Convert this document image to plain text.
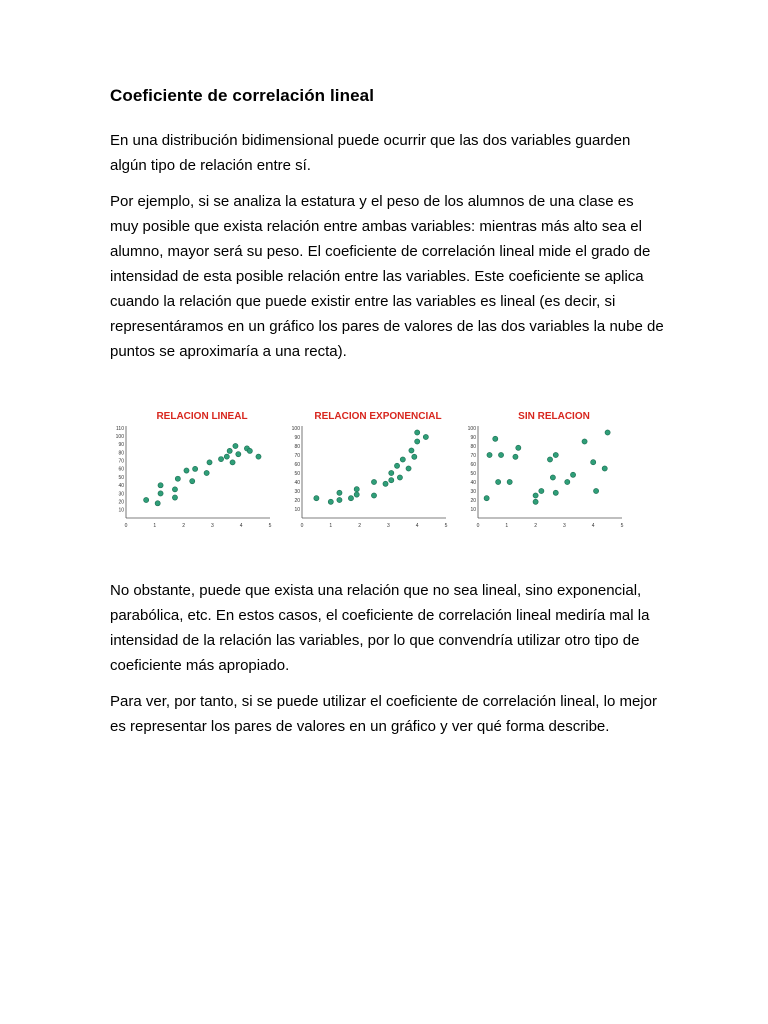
Coeficiente de correlación lineal

En una distribución bidimensional puede ocurrir que las dos variables guarden algún tipo de relación entre sí.

Por ejemplo, si se analiza la estatura y el peso de los alumnos de una clase es muy posible que exista relación entre ambas variables: mientras más alto sea el alumno, mayor será su peso. El coeficiente de correlación lineal mide el grado de intensidad de esta posible relación entre las variables. Este coeficiente se aplica cuando la relación que puede existir entre las variables es lineal (es decir, si representáramos en un gráfico los pares de valores de las dos variables la nube de puntos se aproximaría a una recta).

RELACION LINEAL
0	1	2	3	4	5
10
20
30
40
50
60
70
80
90
100
110
RELACION EXPONENCIAL
0	1	2	3	4	5
10
20
30
40
50
60
70
80
90
100
SIN RELACION
0	1	2	3	4	5
10
20
30
40
50
60
70
80
90
100

No obstante, puede que exista una relación que no sea lineal, sino exponencial, parabólica, etc. En estos casos, el coeficiente de correlación lineal mediría mal la intensidad de la relación las variables, por lo que convendría utilizar otro tipo de coeficiente más apropiado.

Para ver, por tanto, si se puede utilizar el coeficiente de correlación lineal, lo mejor es representar los pares de valores en un gráfico y ver qué forma describe.
